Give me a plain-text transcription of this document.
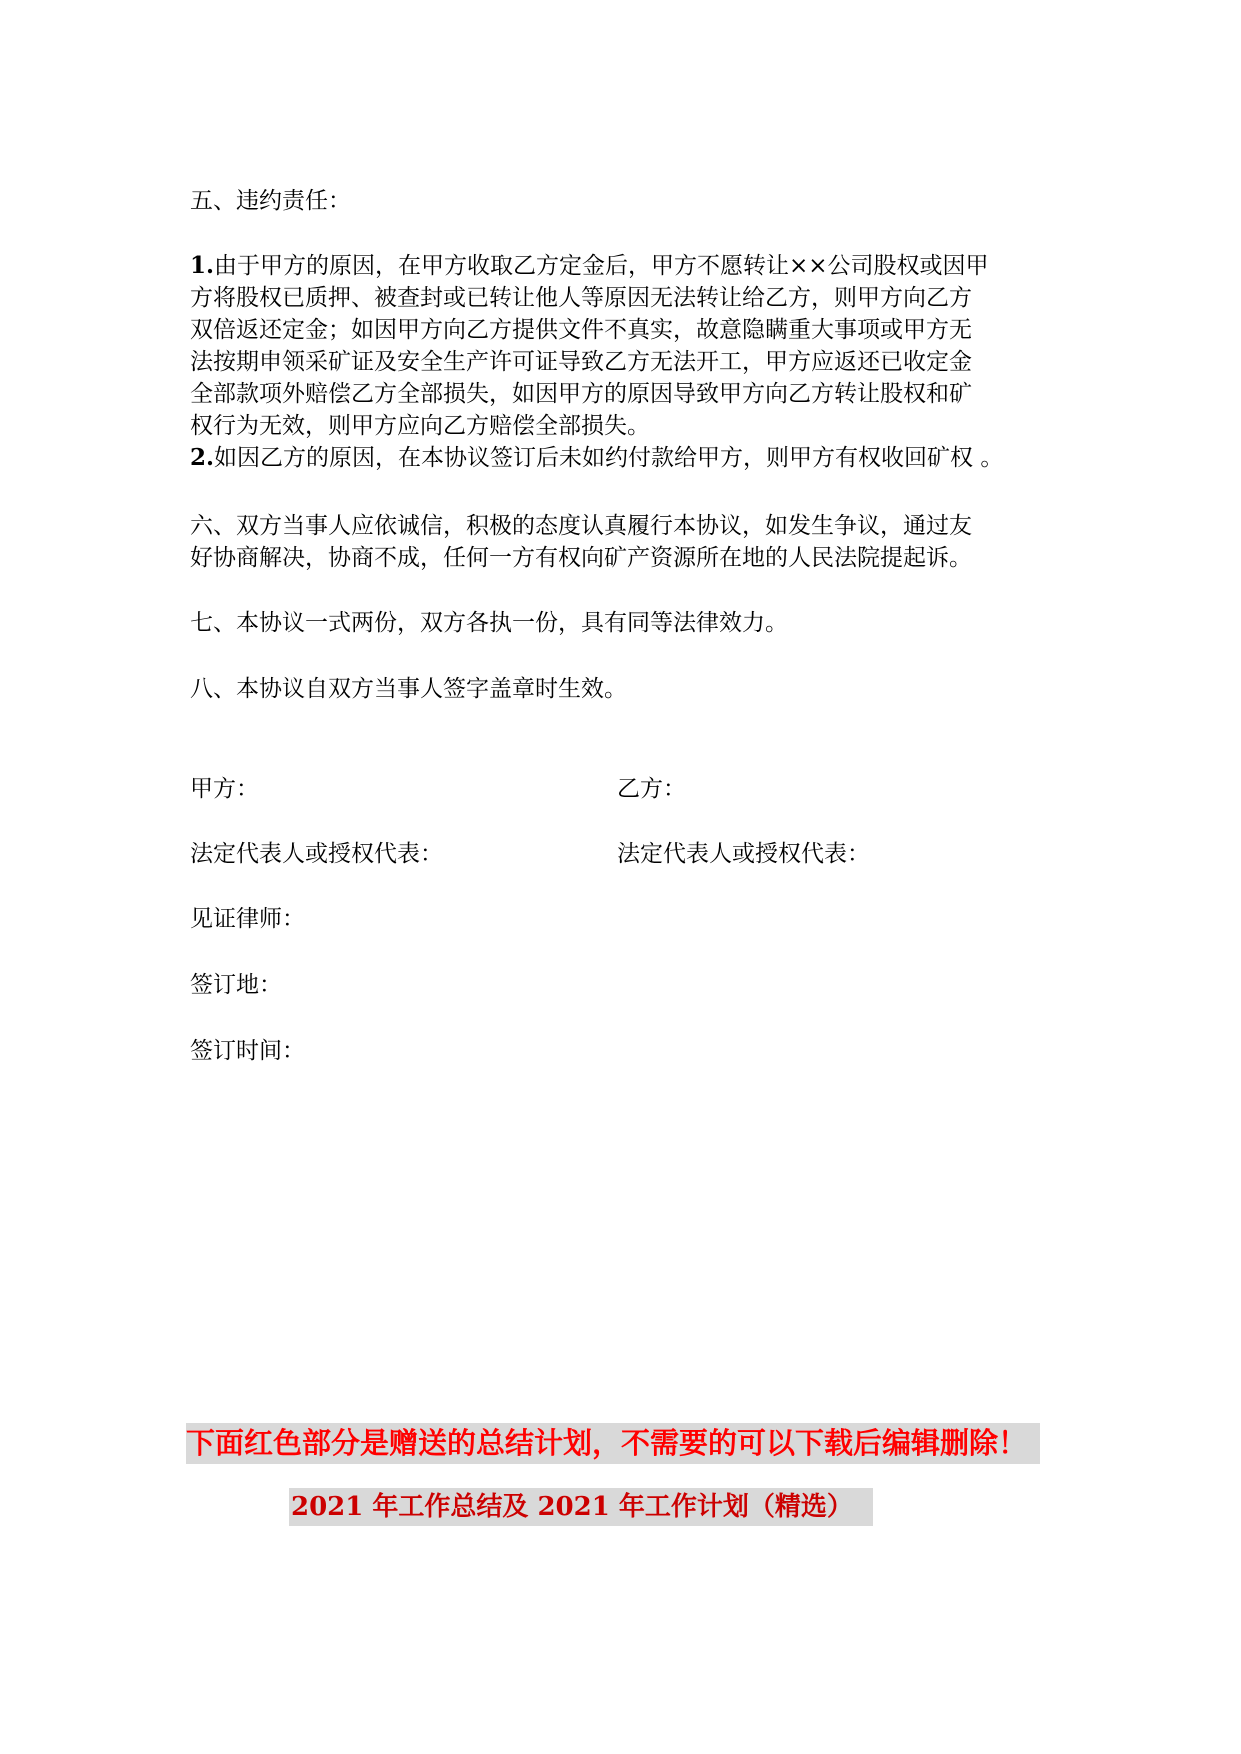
五、违约责任：
1.由于甲方的原因，在甲方收取乙方定金后，甲方不愿转让××公司股权或因甲
方将股权已质押、被查封或已转让他人等原因无法转让给乙方，则甲方向乙方
双倍返还定金；如因甲方向乙方提供文件不真实，故意隐瞒重大事项或甲方无
法按期申领采矿证及安全生产许可证导致乙方无法开工，甲方应返还已收定金
全部款项外赔偿乙方全部损失，如因甲方的原因导致甲方向乙方转让股权和矿
权行为无效，则甲方应向乙方赔偿全部损失。
2.如因乙方的原因，在本协议签订后未如约付款给甲方，则甲方有权收回矿权 。
六、双方当事人应依诚信，积极的态度认真履行本协议，如发生争议，通过友
好协商解决，协商不成，任何一方有权向矿产资源所在地的人民法院提起诉。
七、本协议一式两份，双方各执一份，具有同等法律效力。
八、本协议自双方当事人签字盖章时生效。
甲方：	乙方：
法定代表人或授权代表：	法定代表人或授权代表：
见证律师：
签订地：
签订时间：
下面红色部分是赠送的总结计划，不需要的可以下载后编辑删除！
2021 年工作总结及 2021 年工作计划（精选）
